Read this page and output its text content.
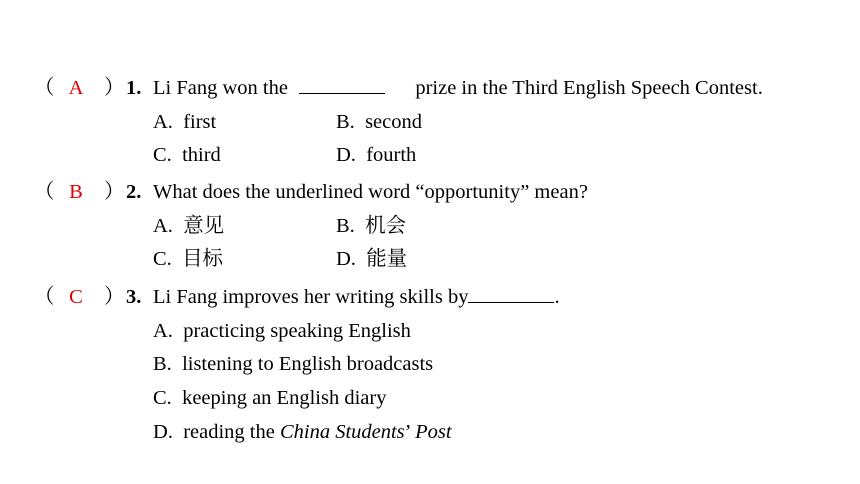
（ A ） 1. Li Fang won the	prize in the Third English Speech Contest.
A. first	B. second
C. third	D. fourth
（ B ） 2. What does the underlined word “opportunity” mean?
A. 意见	B. 机会
C. 目标	D. 能量
（ C ） 3. Li Fang improves her writing skills by	.
A. practicing speaking English
B. listening to English broadcasts
C. keeping an English diary
D. reading the China Students’ Post
